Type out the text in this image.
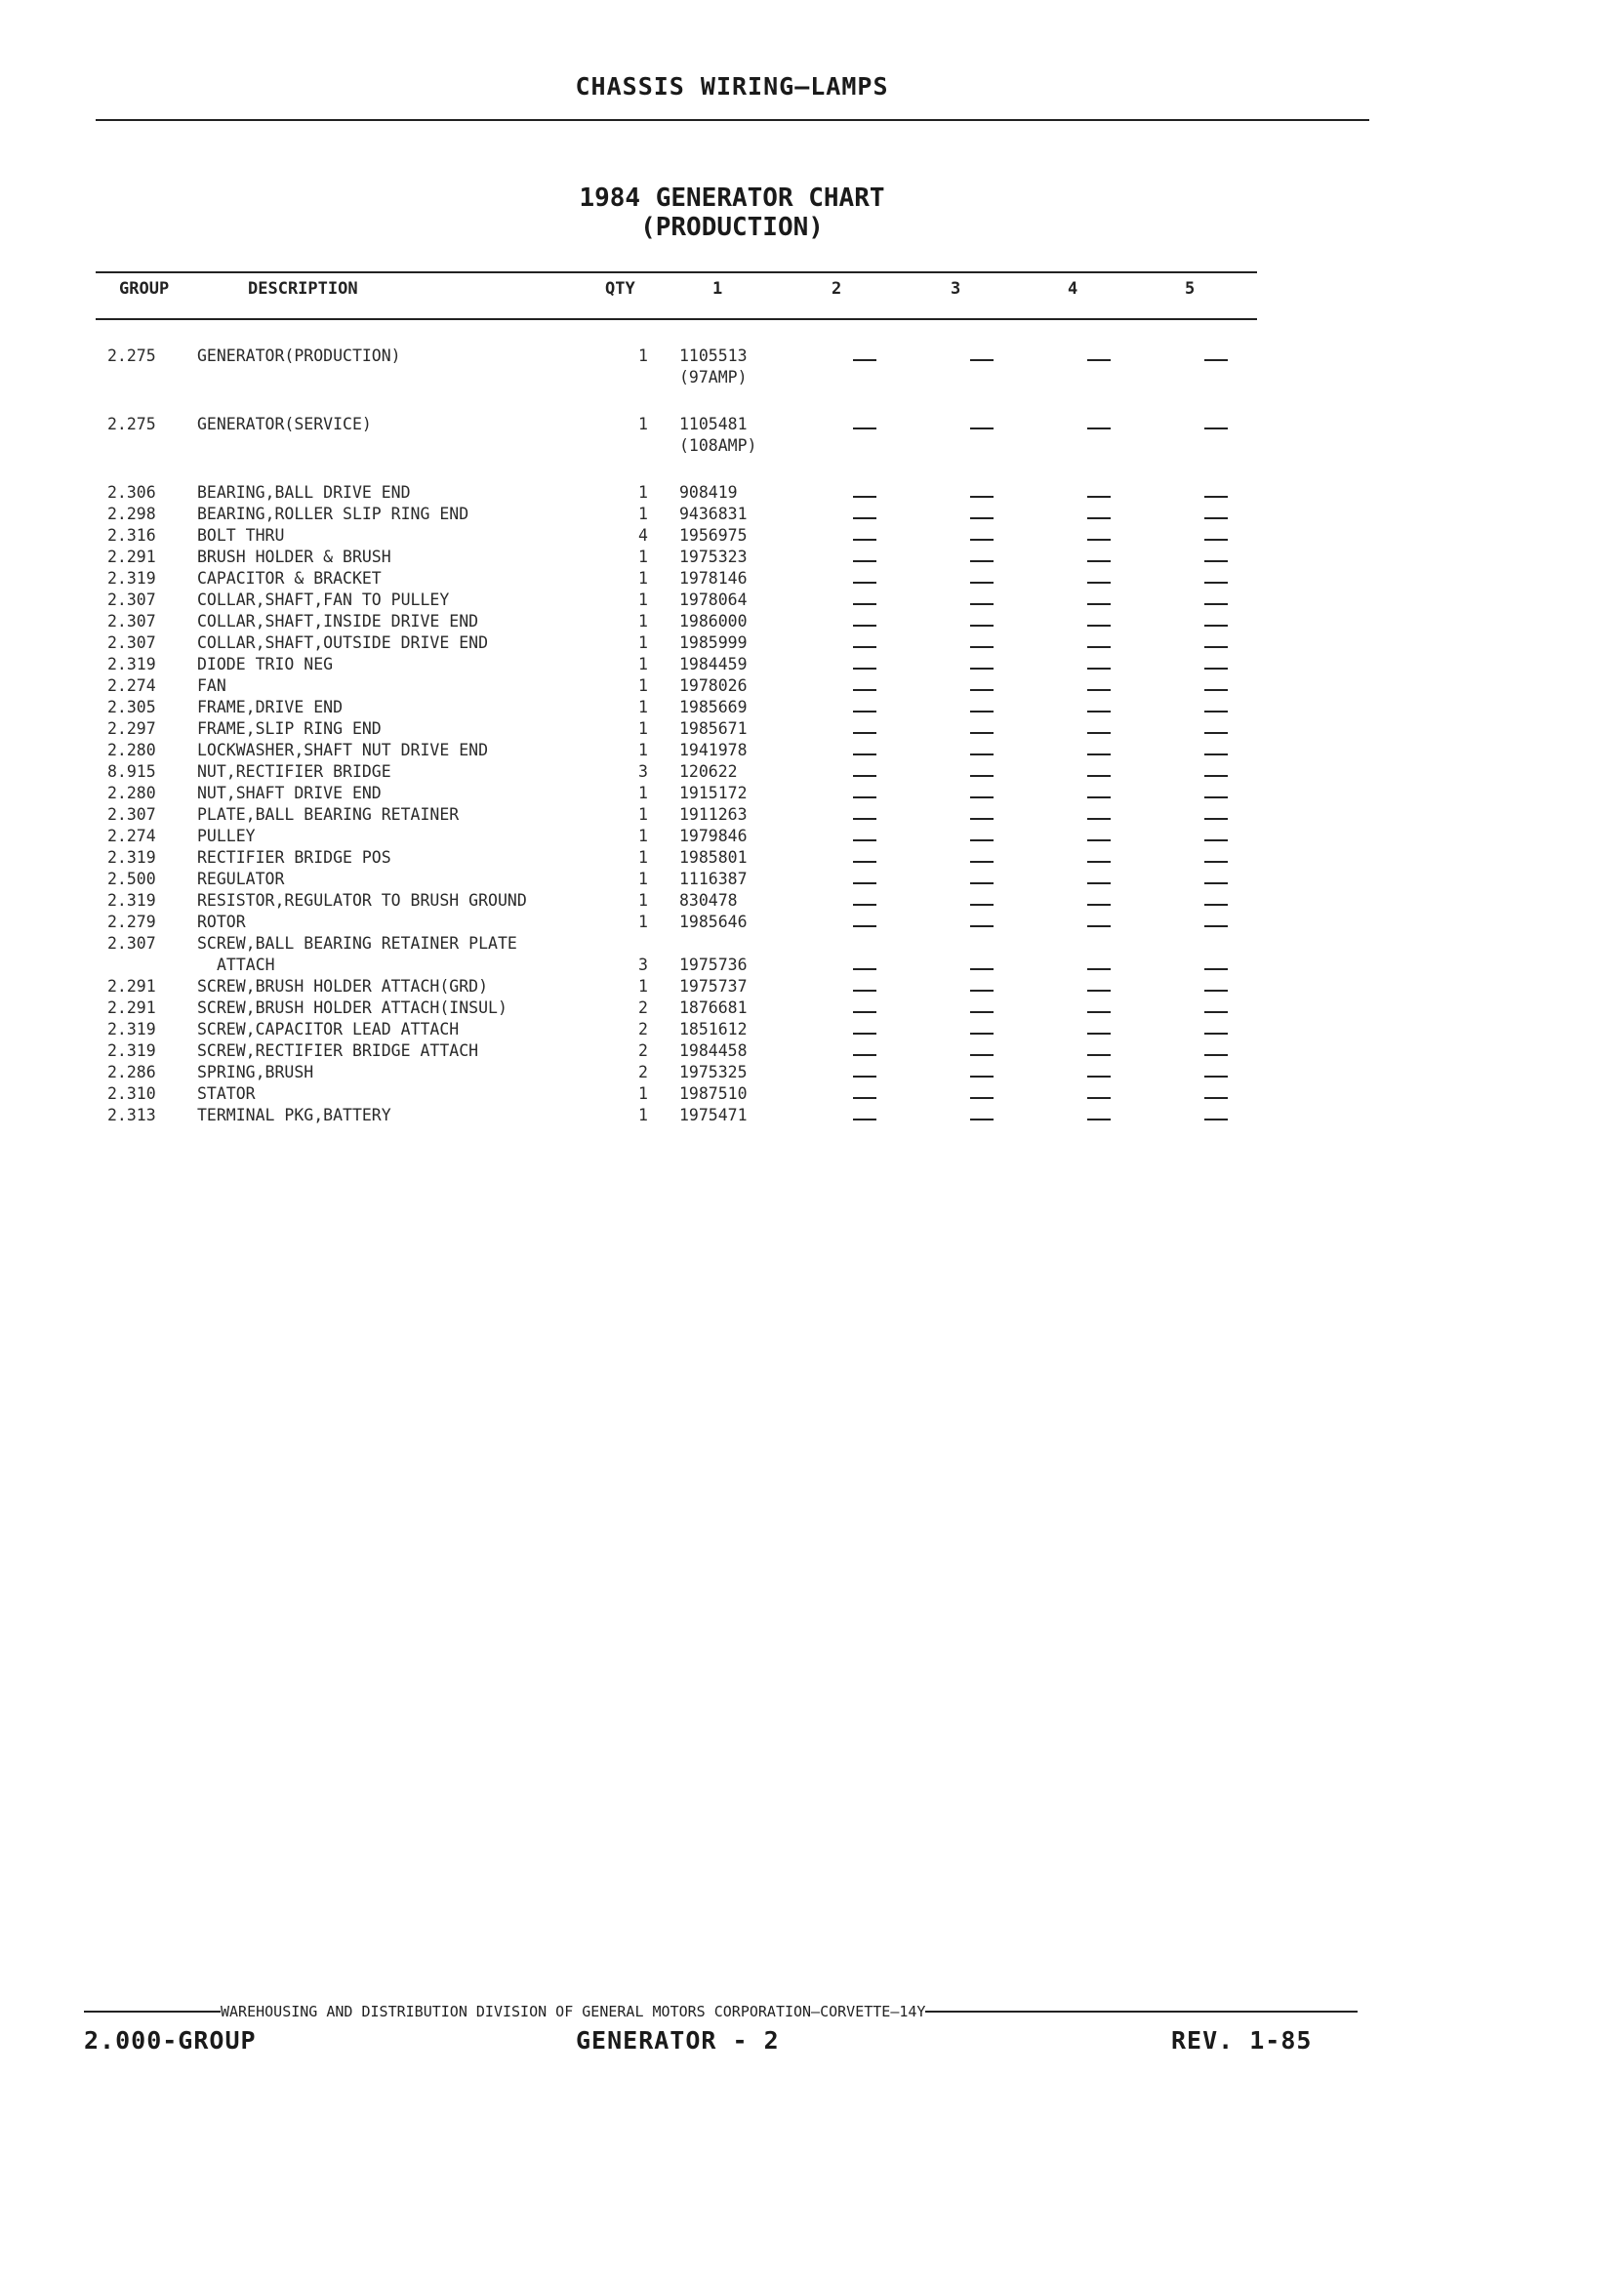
CHASSIS WIRING—LAMPS
1984 GENERATOR CHART
(PRODUCTION)
GROUP	DESCRIPTION	QTY	1	2	3	4	5
2.275	GENERATOR(PRODUCTION)	1	1105513				
			(97AMP)				

2.275	GENERATOR(SERVICE)	1	1105481				
			(108AMP)				

2.306	BEARING,BALL DRIVE END	1	908419				
2.298	BEARING,ROLLER SLIP RING END	1	9436831				
2.316	BOLT THRU	4	1956975				
2.291	BRUSH HOLDER & BRUSH	1	1975323				
2.319	CAPACITOR & BRACKET	1	1978146				
2.307	COLLAR,SHAFT,FAN TO PULLEY	1	1978064				
2.307	COLLAR,SHAFT,INSIDE DRIVE END	1	1986000				
2.307	COLLAR,SHAFT,OUTSIDE DRIVE END	1	1985999				
2.319	DIODE TRIO NEG	1	1984459				
2.274	FAN	1	1978026				
2.305	FRAME,DRIVE END	1	1985669				
2.297	FRAME,SLIP RING END	1	1985671				
2.280	LOCKWASHER,SHAFT NUT DRIVE END	1	1941978				
8.915	NUT,RECTIFIER BRIDGE	3	120622				
2.280	NUT,SHAFT DRIVE END	1	1915172				
2.307	PLATE,BALL BEARING RETAINER	1	1911263				
2.274	PULLEY	1	1979846				
2.319	RECTIFIER BRIDGE POS	1	1985801				
2.500	REGULATOR	1	1116387				
2.319	RESISTOR,REGULATOR TO BRUSH GROUND	1	830478				
2.279	ROTOR	1	1985646				
2.307	SCREW,BALL BEARING RETAINER PLATE						
	ATTACH	3	1975736				
2.291	SCREW,BRUSH HOLDER ATTACH(GRD)	1	1975737				
2.291	SCREW,BRUSH HOLDER ATTACH(INSUL)	2	1876681				
2.319	SCREW,CAPACITOR LEAD ATTACH	2	1851612				
2.319	SCREW,RECTIFIER BRIDGE ATTACH	2	1984458				
2.286	SPRING,BRUSH	2	1975325				
2.310	STATOR	1	1987510				
2.313	TERMINAL PKG,BATTERY	1	1975471				
WAREHOUSING AND DISTRIBUTION DIVISION OF GENERAL MOTORS CORPORATION—CORVETTE—14Y
2.000-GROUP	GENERATOR - 2	REV. 1-85
